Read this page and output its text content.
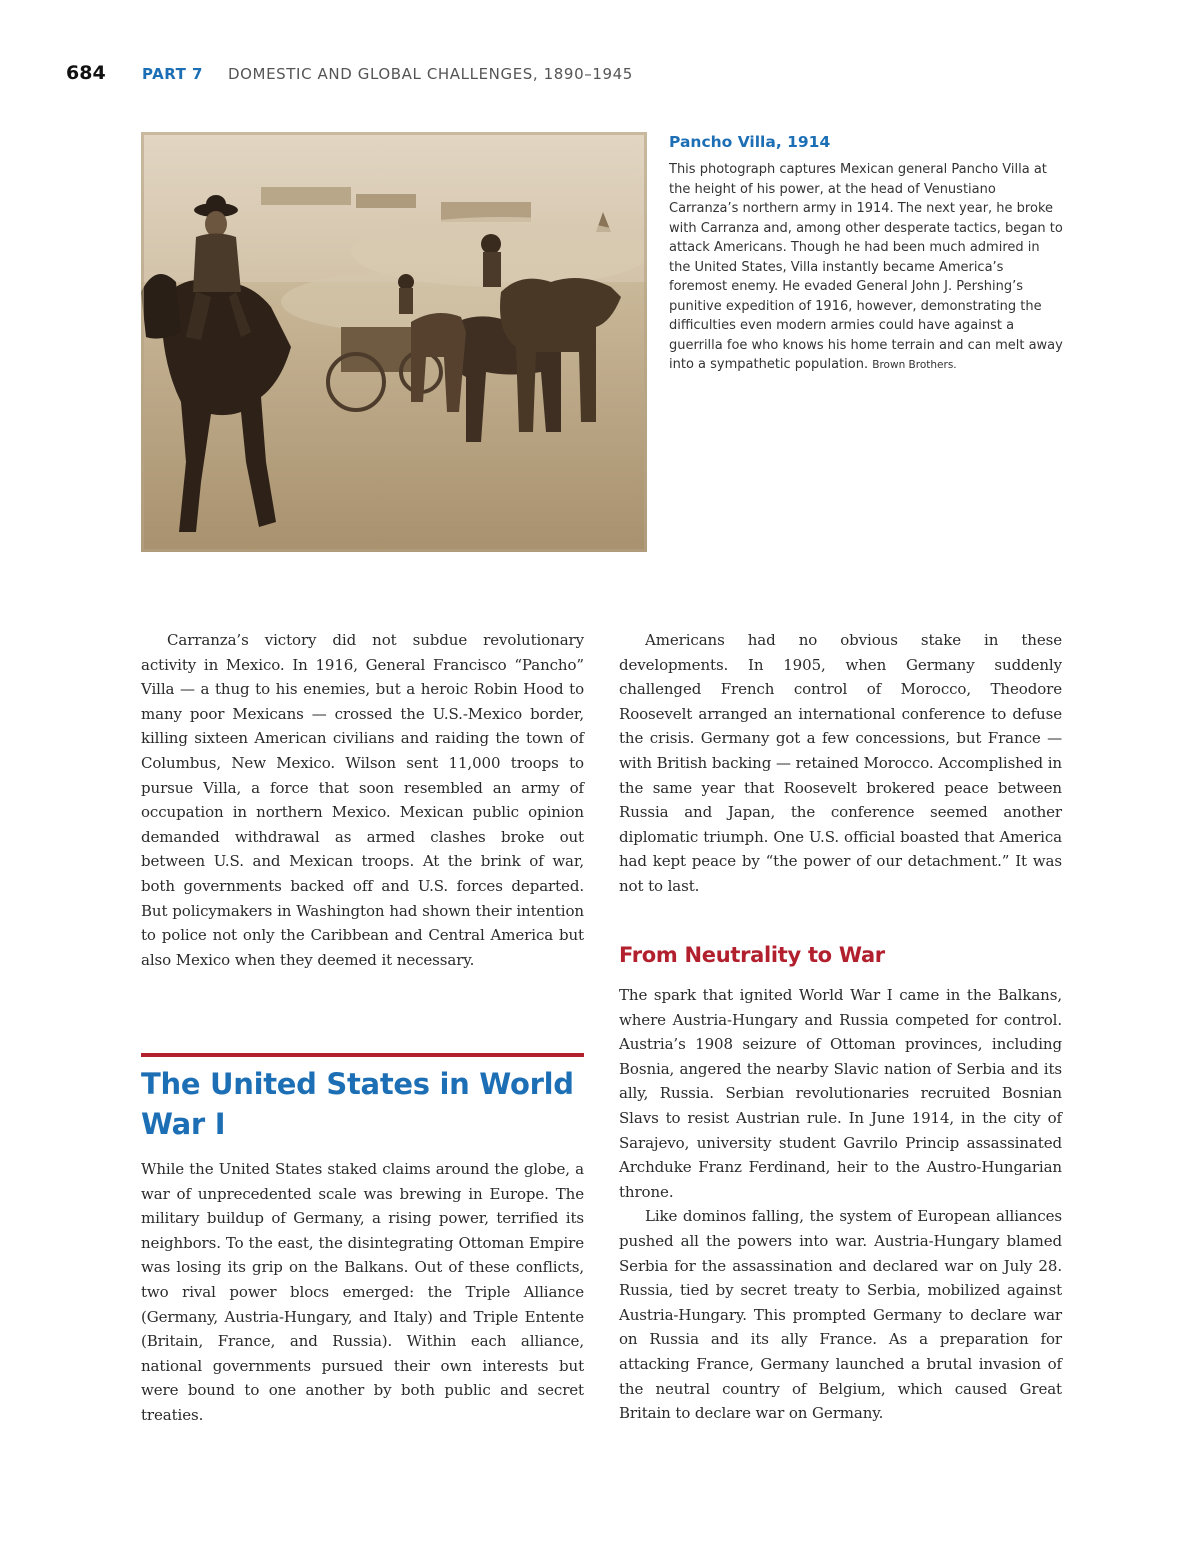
684 PART 7 DOMESTIC AND GLOBAL CHALLENGES, 1890–1945

Pancho Villa, 1914

This photograph captures Mexican general Pancho Villa at the height of his power, at the head of Venustiano Carranza’s northern army in 1914. The next year, he broke with Carranza and, among other desperate tactics, began to attack Americans. Though he had been much admired in the United States, Villa instantly became America’s foremost enemy. He evaded General John J. Pershing’s punitive expedition of 1916, however, demonstrating the difficulties even modern armies could have against a guerrilla foe who knows his home terrain and can melt away into a sympathetic population. Brown Brothers.

Carranza’s victory did not subdue revolutionary activity in Mexico. In 1916, General Francisco “Pancho” Villa — a thug to his enemies, but a heroic Robin Hood to many poor Mexicans — crossed the U.S.-Mexico border, killing sixteen American civilians and raiding the town of Columbus, New Mexico. Wilson sent 11,000 troops to pursue Villa, a force that soon resembled an army of occupation in northern Mexico. Mexican public opinion demanded withdrawal as armed clashes broke out between U.S. and Mexican troops. At the brink of war, both governments backed off and U.S. forces departed. But policymakers in Washington had shown their intention to police not only the Caribbean and Central America but also Mexico when they deemed it necessary.

The United States in World War I

While the United States staked claims around the globe, a war of unprecedented scale was brewing in Europe. The military buildup of Germany, a rising power, terrified its neighbors. To the east, the disintegrating Ottoman Empire was losing its grip on the Balkans. Out of these conflicts, two rival power blocs emerged: the Triple Alliance (Germany, Austria-Hungary, and Italy) and Triple Entente (Britain, France, and Russia). Within each alliance, national governments pursued their own interests but were bound to one another by both public and secret treaties.

Americans had no obvious stake in these developments. In 1905, when Germany suddenly challenged French control of Morocco, Theodore Roosevelt arranged an international conference to defuse the crisis. Germany got a few concessions, but France — with British backing — retained Morocco. Accomplished in the same year that Roosevelt brokered peace between Russia and Japan, the conference seemed another diplomatic triumph. One U.S. official boasted that America had kept peace by “the power of our detachment.” It was not to last.

From Neutrality to War

The spark that ignited World War I came in the Balkans, where Austria-Hungary and Russia competed for control. Austria’s 1908 seizure of Ottoman provinces, including Bosnia, angered the nearby Slavic nation of Serbia and its ally, Russia. Serbian revolutionaries recruited Bosnian Slavs to resist Austrian rule. In June 1914, in the city of Sarajevo, university student Gavrilo Princip assassinated Archduke Franz Ferdinand, heir to the Austro-Hungarian throne.

Like dominos falling, the system of European alliances pushed all the powers into war. Austria-Hungary blamed Serbia for the assassination and declared war on July 28. Russia, tied by secret treaty to Serbia, mobilized against Austria-Hungary. This prompted Germany to declare war on Russia and its ally France. As a preparation for attacking France, Germany launched a brutal invasion of the neutral country of Belgium, which caused Great Britain to declare war on Germany.
